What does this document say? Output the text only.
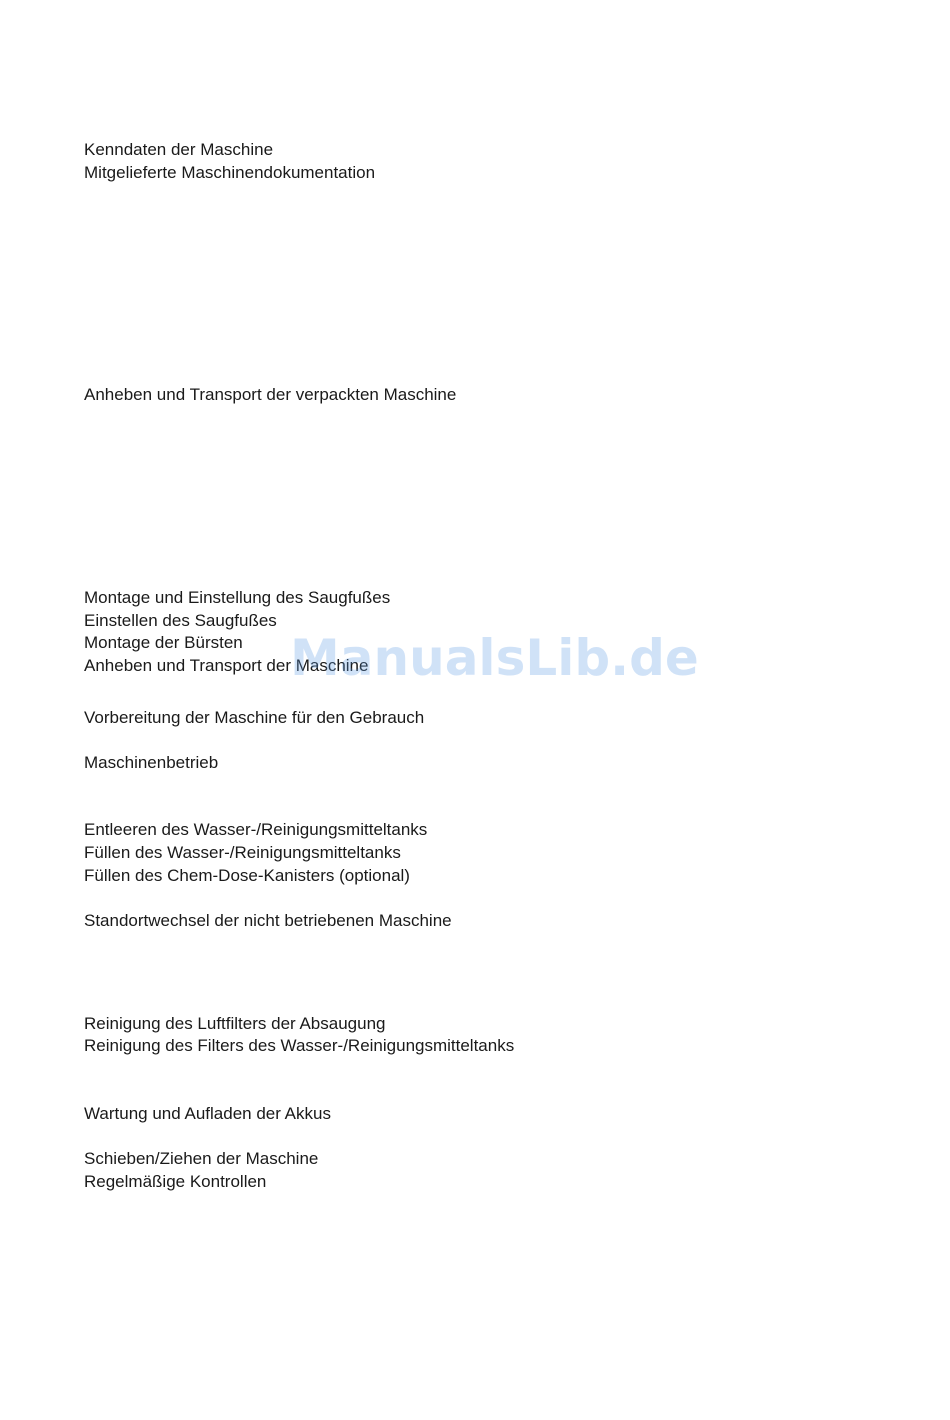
Kenndaten der Maschine

Mitgelieferte Maschinendokumentation

Anheben und Transport der verpackten Maschine

Montage und Einstellung des Saugfußes

Einstellen des Saugfußes

Montage der Bürsten

Anheben und Transport der Maschine

Vorbereitung der Maschine für den Gebrauch

Maschinenbetrieb

Entleeren des Wasser-/Reinigungsmitteltanks

Füllen des Wasser-/Reinigungsmitteltanks

Füllen des Chem-Dose-Kanisters (optional)

Standortwechsel der nicht betriebenen Maschine

Reinigung des Luftfilters der Absaugung

Reinigung des Filters des Wasser-/Reinigungsmitteltanks

Wartung und Aufladen der Akkus

Schieben/Ziehen der Maschine

Regelmäßige Kontrollen

ManualsLib.de
